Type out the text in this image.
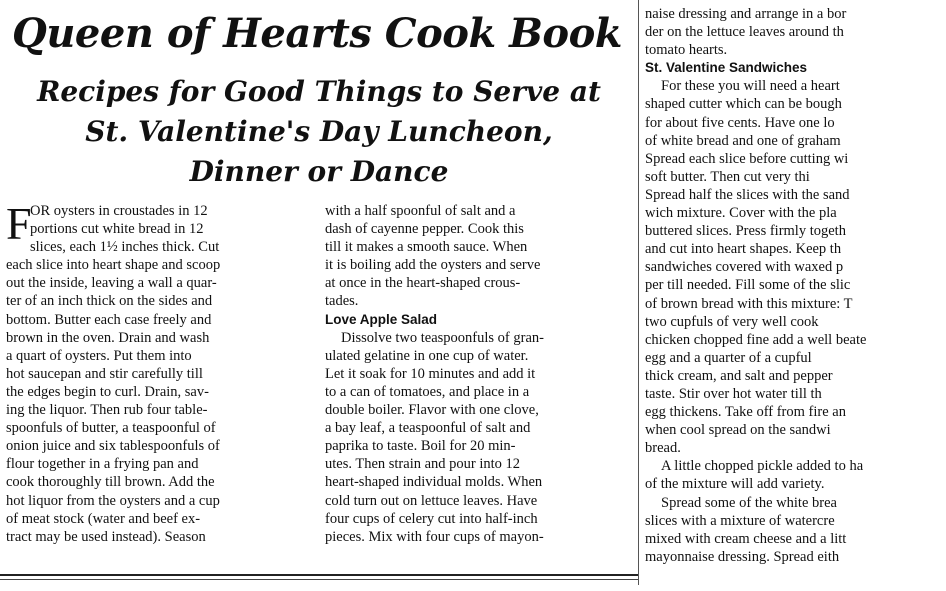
Queen of Hearts Cook Book
Recipes for Good Things to Serve at
St. Valentine's Day Luncheon,
Dinner or Dance
F
OR oysters in croustades in 12
portions cut white bread in 12
slices, each 1½ inches thick. Cut
each slice into heart shape and scoop
out the inside, leaving a wall a quar-
ter of an inch thick on the sides and
bottom. Butter each case freely and
brown in the oven. Drain and wash
a quart of oysters. Put them into
hot saucepan and stir carefully till
the edges begin to curl. Drain, sav-
ing the liquor. Then rub four table-
spoonfuls of butter, a teaspoonful of
onion juice and six tablespoonfuls of
flour together in a frying pan and
cook thoroughly till brown. Add the
hot liquor from the oysters and a cup
of meat stock (water and beef ex-
tract may be used instead). Season
with a half spoonful of salt and a
dash of cayenne pepper. Cook this
till it makes a smooth sauce. When
it is boiling add the oysters and serve
at once in the heart-shaped crous-
tades.
Love Apple Salad
Dissolve two teaspoonfuls of gran-
ulated gelatine in one cup of water.
Let it soak for 10 minutes and add it
to a can of tomatoes, and place in a
double boiler. Flavor with one clove,
a bay leaf, a teaspoonful of salt and
paprika to taste. Boil for 20 min-
utes. Then strain and pour into 12
heart-shaped individual molds. When
cold turn out on lettuce leaves. Have
four cups of celery cut into half-inch
pieces. Mix with four cups of mayon-
naise dressing and arrange in a bor
der on the lettuce leaves around th
tomato hearts.
St. Valentine Sandwiches
For these you will need a heart
shaped cutter which can be bough
for about five cents. Have one lo
of white bread and one of graham
Spread each slice before cutting wi
soft butter. Then cut very thi
Spread half the slices with the sand
wich mixture. Cover with the pla
buttered slices. Press firmly togeth
and cut into heart shapes. Keep th
sandwiches covered with waxed p
per till needed. Fill some of the slic
of brown bread with this mixture: T
two cupfuls of very well cook
chicken chopped fine add a well beate
egg and a quarter of a cupful
thick cream, and salt and pepper
taste. Stir over hot water till th
egg thickens. Take off from fire an
when cool spread on the sandwi
bread.
A little chopped pickle added to ha
of the mixture will add variety.
Spread some of the white brea
slices with a mixture of watercre
mixed with cream cheese and a litt
mayonnaise dressing. Spread eith
